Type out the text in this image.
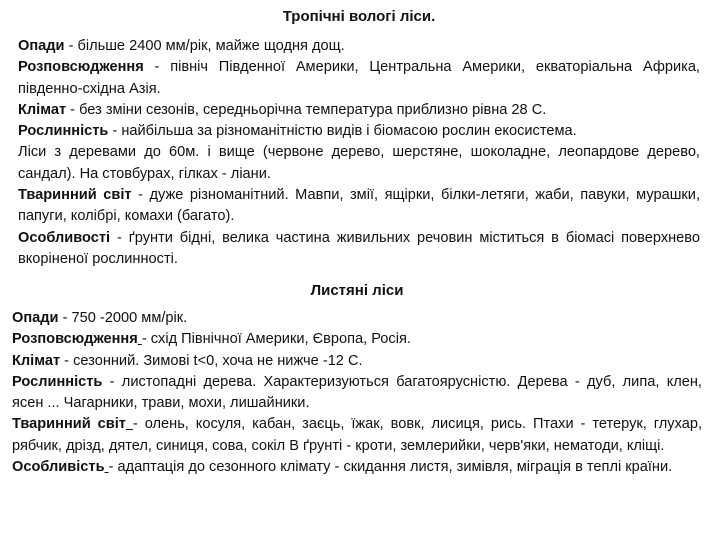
Тропічні вологі ліси.

Опади - більше 2400 мм/рік, майже щодня дощ.

Розповсюдження - північ Південної Америки, Центральна Америки, екваторіальна Африка, південно-східна Азія.

Клімат - без зміни сезонів, середньорічна температура приблизно рівна 28 С.

Рослинність - найбільша за різноманітністю видів і біомасою рослин екосистема.

Ліси з деревами до 60м. і вище (червоне дерево, шерстяне, шоколадне, леопардове дерево, сандал). На стовбурах, гілках - ліани.

Тваринний світ - дуже різноманітний. Мавпи, змії, ящірки, білки-летяги, жаби, павуки, мурашки, папуги, колібрі, комахи (багато).

Особливості - ґрунти бідні, велика частина живильних речовин міститься в біомасі поверхнево вкоріненої рослинності.

Листяні ліси

Опади - 750 -2000 мм/рік.

Розповсюдження - схід Північної Америки, Європа, Росія.

Клімат - сезонний. Зимові t<0, хоча не нижче -12 С.

Рослинність - листопадні дерева. Характеризуються багатоярусністю. Дерева - дуб, липа, клен, ясен ... Чагарники, трави, мохи, лишайники.

Тваринний світ - олень, косуля, кабан, заєць, їжак, вовк, лисиця, рись. Птахи - тетерук, глухар, рябчик, дрізд, дятел, синиця, сова, сокіл В ґрунті - кроти, землерийки, черв'яки, нематоди, кліщі.

Особливість - адаптація до сезонного клімату - скидання листя, зимівля, міграція в теплі країни.
